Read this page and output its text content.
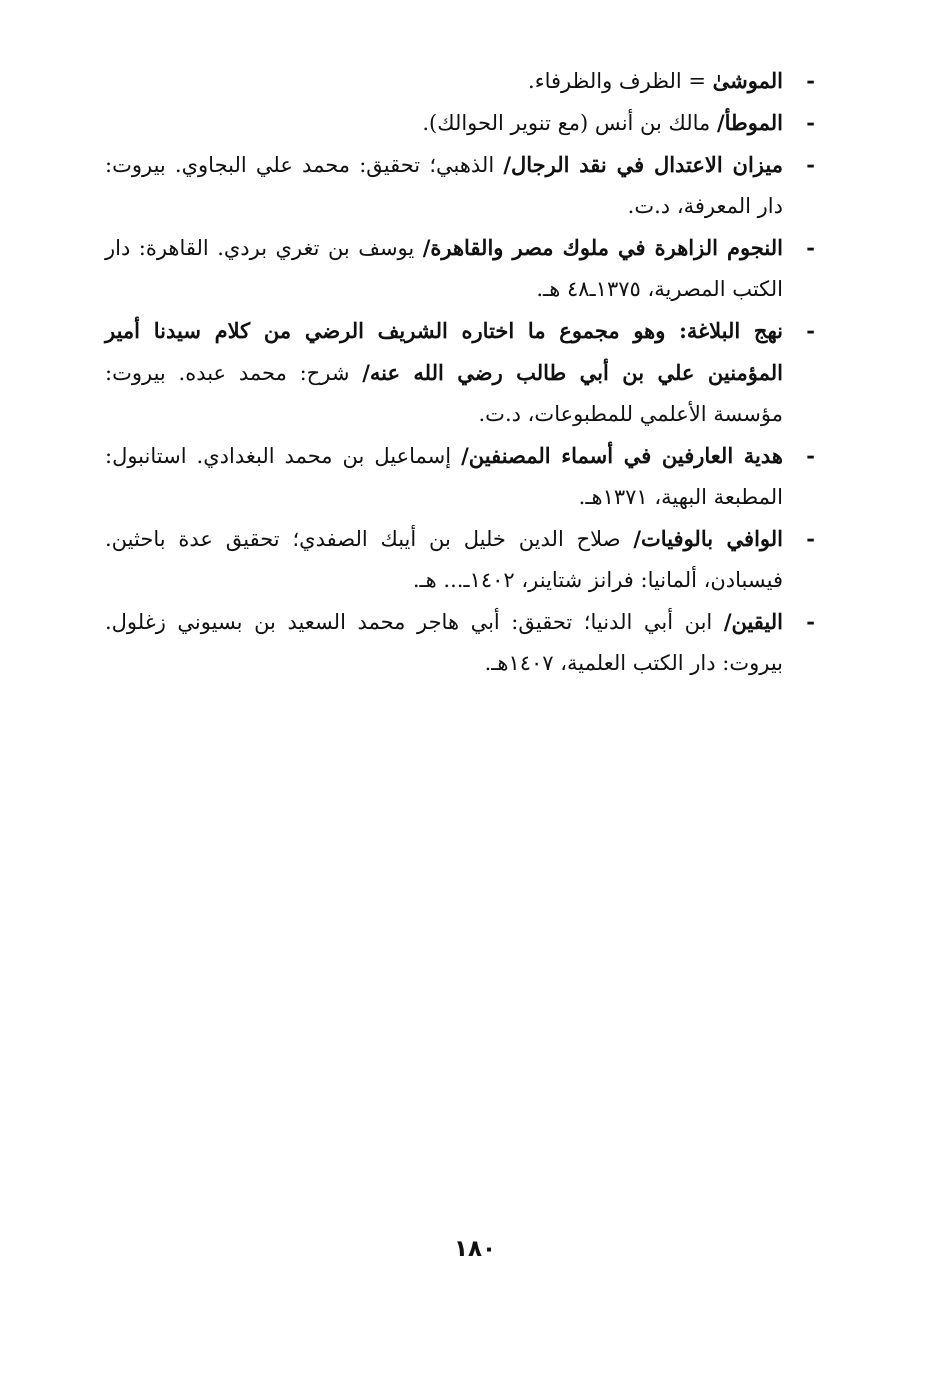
-
الموشىٰ = الظرف والظرفاء.
-
الموطأ/ مالك بن أنس (مع تنوير الحوالك).
-
ميزان الاعتدال في نقد الرجال/ الذهبي؛ تحقيق: محمد علي البجاوي. بيروت: دار المعرفة، د.ت.
-
النجوم الزاهرة في ملوك مصر والقاهرة/ يوسف بن تغري بردي. القاهرة: دار الكتب المصرية، ١٣٧٥ـ٤٨ هـ.
-
نهج البلاغة: وهو مجموع ما اختاره الشريف الرضي من كلام سيدنا أمير المؤمنين علي بن أبي طالب رضي الله عنه/ شرح: محمد عبده. بيروت: مؤسسة الأعلمي للمطبوعات، د.ت.
-
هدية العارفين في أسماء المصنفين/ إسماعيل بن محمد البغدادي. استانبول: المطبعة البهية، ١٣٧١هـ.
-
الوافي بالوفيات/ صلاح الدين خليل بن أيبك الصفدي؛ تحقيق عدة باحثين. فيسبادن، ألمانيا: فرانز شتاينر، ١٤٠٢ـ... هـ.
-
اليقين/ ابن أبي الدنيا؛ تحقيق: أبي هاجر محمد السعيد بن بسيوني زغلول. بيروت: دار الكتب العلمية، ١٤٠٧هـ.
١٨٠
